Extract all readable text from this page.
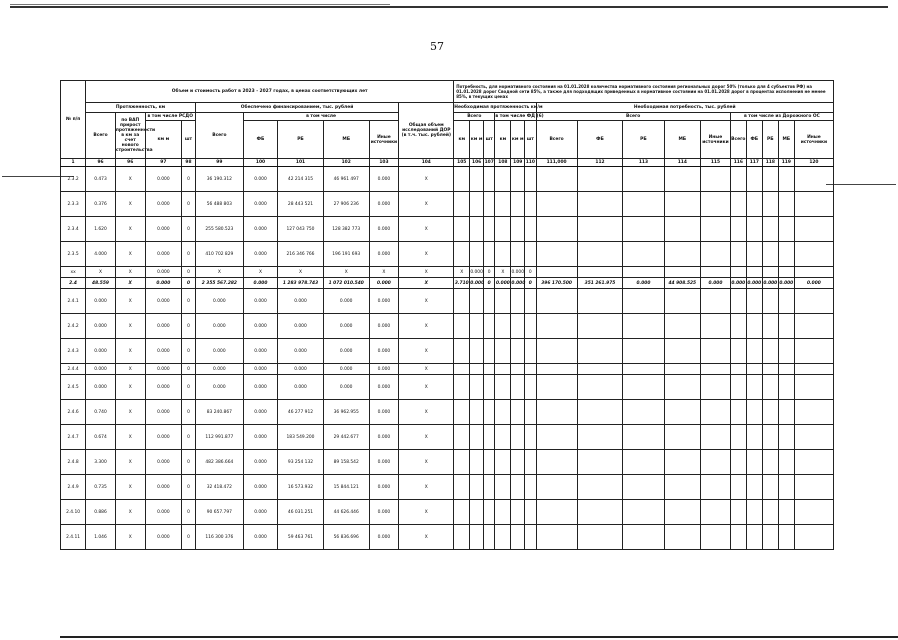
57
№ п/п	Объем и стоимость работ в 2023 - 2027 годах, в ценах соответствующих лет										Потребность, для нормативного состояния на 01.01.2028 количества нормативного состояния региональных дорог 50% (только для 4 субъектов РФ) на 01.01.2028 дорог Сводной сети 85%, а также для подходящих приведенных в нормативное состоянии на 01.01.2028 дорог в процентах исполнения не менее 85%, в текущих ценах															
	Протяженность, км				Обеспечено финансированием, тыс. рублей					Общая объем исследований ДОР (в т.ч. тыс. рублей)	Необходимая протяженность км/м						Необходимая потребность, тыс. рублей									
	Всего	по ВАП прирост протяженности в км за счет нового строительства	в том числе РСДО		Всего	в том числе					Всего			в том числе ФД (6)			Всего					в том числе из Дорожного ОС				
			км м	шт		ФБ	РБ	МБ	Иные источники		км	км м	шт	км	км м	шт	Всего	ФБ	РБ	МБ	Иные источники	Всего	ФБ	РБ	МБ	Иные источники
1	96	96	97	98	99	100	101	102	103	104	105	106	107	108	109	110	111,000	112	113	114	115	116	117	118	119	120
2.3.2	0.473	X	0.000	0	36 190.312	0.000	42 214 315	46 961 497	0.000	X																
2.3.3	0.376	X	0.000	0	56 488 803	0.000	28 443 521	27 906 236	0.000	X																
2.3.4	1.620	X	0.000	0	255 580.523	0.000	127 043 750	128 382 773	0.000	X																
2.3.5	4.000	X	0.000	0	410 702 829	0.000	216 346 766	196 191 693	0.000	X																
xx	X	X	0.000	0	X	X	X	X	X	X	X	0.000	0	X	0.000	0										
2.4	48.559	X	0.000	0	2 355 567.282	0.000	1 283 978.743	1 072 010.540	0.000	X	3.710	0.000	0	0.000	0.000	0	396 170.500	351 261.975	0.000	44 908.525	0.000	0.000	0.000	0.000	0.000	0.000
2.4.1	0.000	X	0.000	0	0.000	0.000	0.000	0.000	0.000	X																
2.4.2	0.000	X	0.000	0	0.000	0.000	0.000	0.000	0.000	X																
2.4.3	0.000	X	0.000	0	0.000	0.000	0.000	0.000	0.000	X																
2.4.4	0.000	X	0.000	0	0.000	0.000	0.000	0.000	0.000	X																
2.4.5	0.000	X	0.000	0	0.000	0.000	0.000	0.000	0.000	X																
2.4.6	0.740	X	0.000	0	83 240.867	0.000	46 277 912	36 962.955	0.000	X																
2.4.7	0.674	X	0.000	0	112 991.877	0.000	183 549.200	29 442.677	0.000	X																
2.4.8	3.300	X	0.000	0	482 386.664	0.000	93 254 132	89 158.542	0.000	X																
2.4.9	0.735	X	0.000	0	32 418.472	0.000	16 573.932	15 844.121	0.000	X																
2.4.10	0.886	X	0.000	0	90 657.797	0.000	46 031.251	44 626.446	0.000	X																
2.4.11	1.046	X	0.000	0	116 300 376	0.000	59 463 761	56 836.696	0.000	X																
